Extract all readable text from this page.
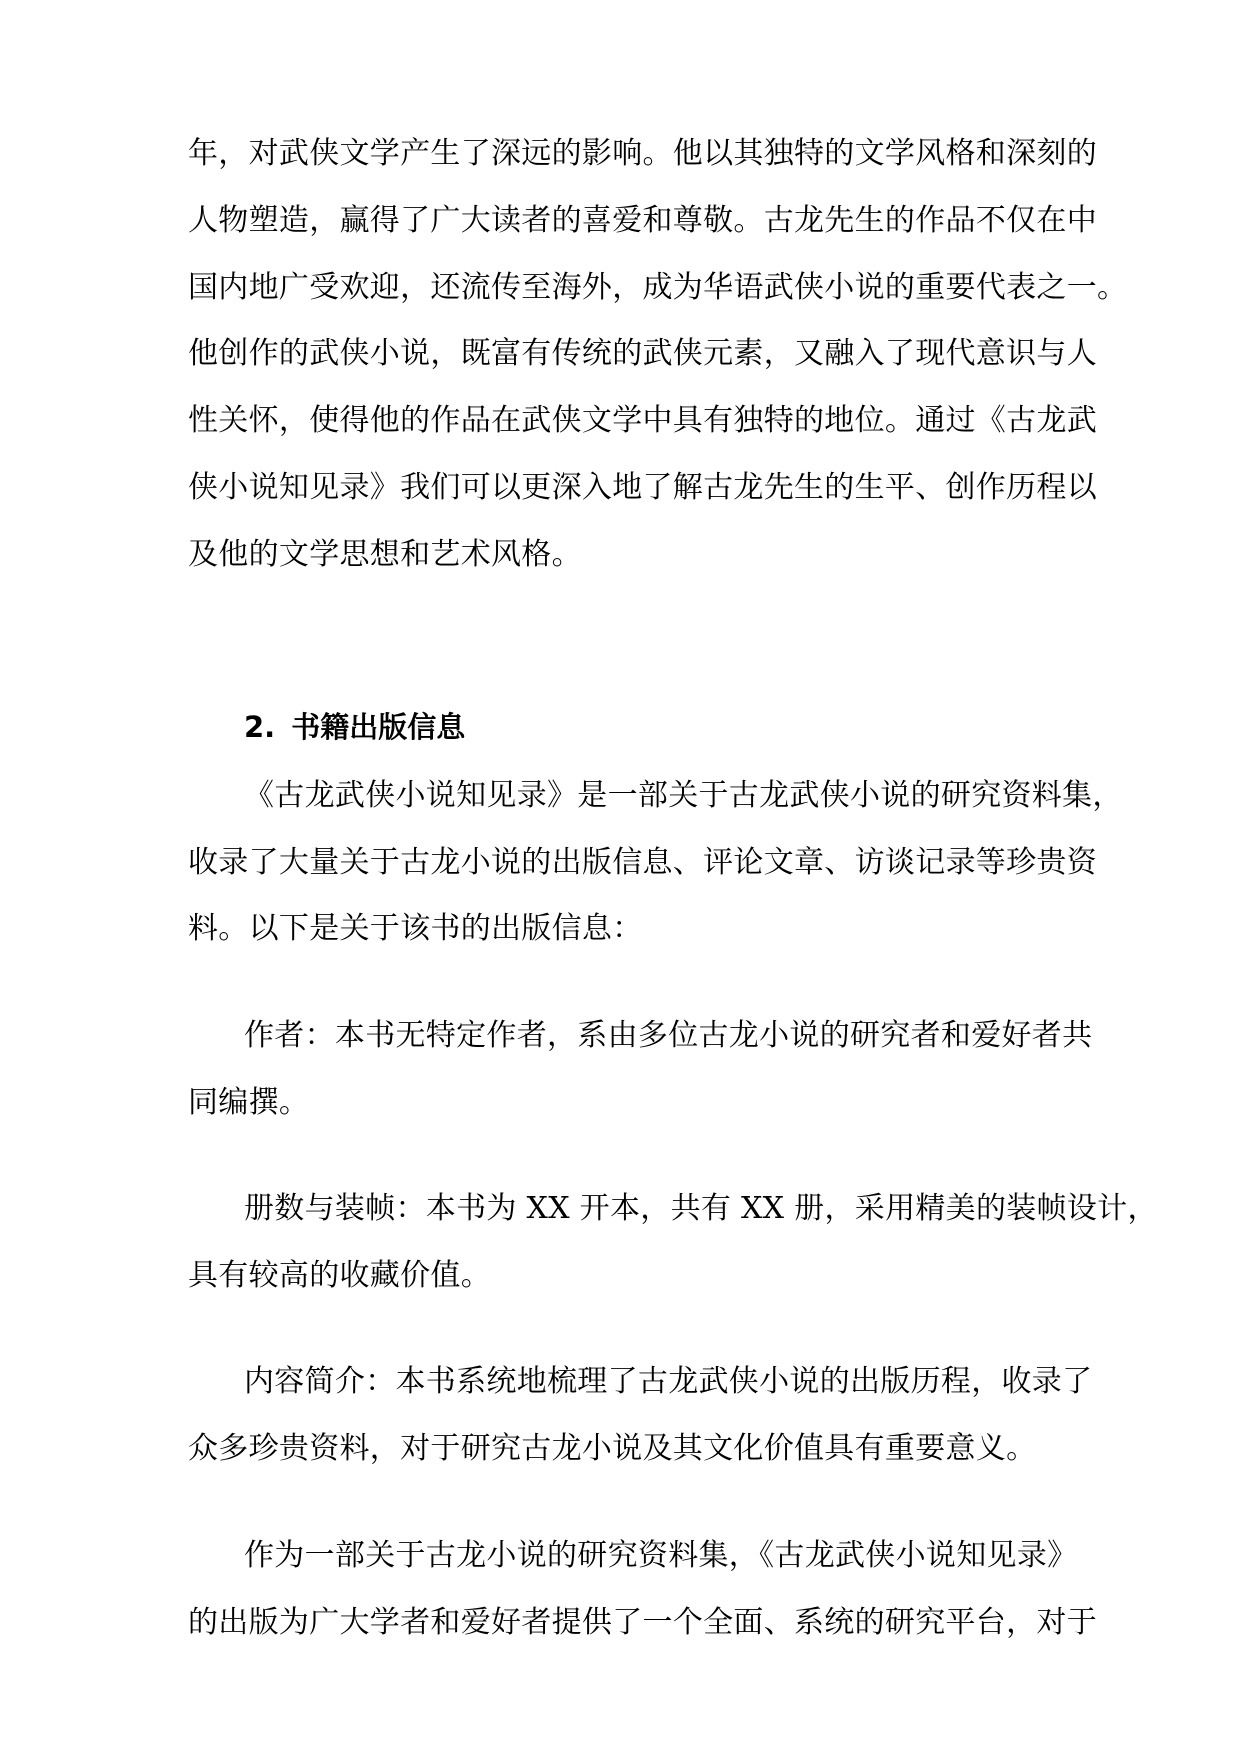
年，对武侠文学产生了深远的影响。他以其独特的文学风格和深刻的
人物塑造，赢得了广大读者的喜爱和尊敬。古龙先生的作品不仅在中
国内地广受欢迎，还流传至海外，成为华语武侠小说的重要代表之一。
他创作的武侠小说，既富有传统的武侠元素，又融入了现代意识与人
性关怀，使得他的作品在武侠文学中具有独特的地位。通过《古龙武
侠小说知见录》我们可以更深入地了解古龙先生的生平、创作历程以
及他的文学思想和艺术风格。
2. 书籍出版信息
《古龙武侠小说知见录》是一部关于古龙武侠小说的研究资料集，
收录了大量关于古龙小说的出版信息、评论文章、访谈记录等珍贵资
料。以下是关于该书的出版信息：
作者：本书无特定作者，系由多位古龙小说的研究者和爱好者共
同编撰。
册数与装帧：本书为 XX 开本，共有 XX 册，采用精美的装帧设计，
具有较高的收藏价值。
内容简介：本书系统地梳理了古龙武侠小说的出版历程，收录了
众多珍贵资料，对于研究古龙小说及其文化价值具有重要意义。
作为一部关于古龙小说的研究资料集，《古龙武侠小说知见录》
的出版为广大学者和爱好者提供了一个全面、系统的研究平台，对于
